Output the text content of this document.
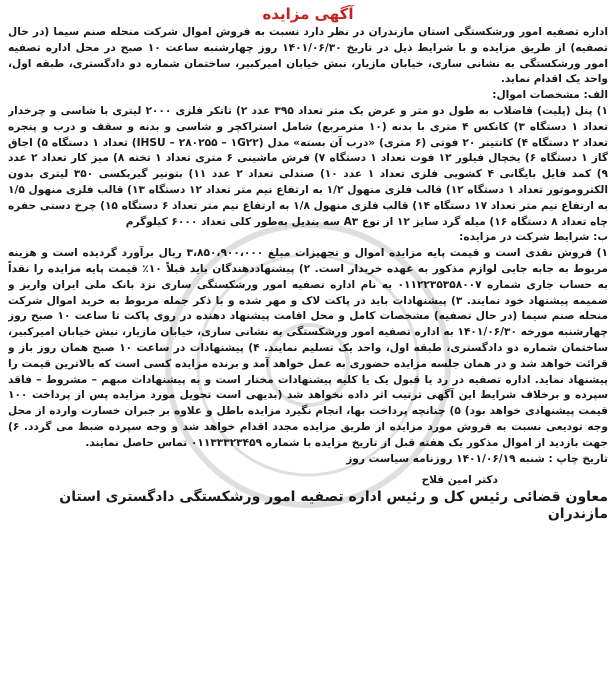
آگهی مزایده

اداره تصفیه امور ورشکستگی استان مازندران در نظر دارد نسبت به فروش اموال شرکت منحله صنم سیما (در حال تصفیه) از طریق مزایده و با شرایط ذیل در تاریخ ۱۴۰۱/۰۶/۳۰ روز چهارشنبه ساعت ۱۰ صبح در محل اداره تصفیه امور ورشکستگی به نشانی ساری، خیابان مازیار، نبش خیابان امیرکبیر، ساختمان شماره دو دادگستری، طبقه اول، واحد یک اقدام نماید.

الف: مشخصات اموال:

۱) پنل (پلیت) فاضلاب به طول دو متر و عرض یک متر تعداد ۳۹۵ عدد ۲) تانکر فلزی ۲۰۰۰ لیتری با شاسی و چرخدار تعداد ۱ دستگاه ۳) کانکس ۴ متری با بدنه (۱۰ مترمربع) شامل استراکچر و شاسی و بدنه و سقف و درب و پنجره تعداد ۲ دستگاه ۴) کانتینر ۲۰ فوتی (۶ متری) «درب آن بسته» مدل (IHSU – ۲۸۰۲۵۵ – ۱G۲۲) تعداد ۱ دستگاه ۵) اجاق گاز ۱ دستگاه ۶) یخچال فیلور ۱۲ فوت تعداد ۱ دستگاه ۷) فرش ماشینی ۶ متری تعداد ۱ تخته ۸) میز کار تعداد ۲ عدد ۹) کمد فایل بایگانی ۴ کشویی فلزی تعداد ۱ عدد ۱۰) صندلی تعداد ۲ عدد ۱۱) بتونیر گیربکسی ۳۵۰ لیتری بدون الکتروموتور تعداد ۱ دستگاه ۱۲) قالب فلزی منهول ۱/۲ به ارتفاع نیم متر تعداد ۱۲ دستگاه ۱۳) قالب فلزی منهول ۱/۵ به ارتفاع نیم متر تعداد ۱۷ دستگاه ۱۴) قالب فلزی منهول ۱/۸ به ارتفاع نیم متر تعداد ۶ دستگاه ۱۵) چرخ دستی حفره چاه تعداد ۸ دستگاه ۱۶) میله گرد سایز ۱۲ از نوع A۳ سه بندیل به‌طور کلی تعداد ۶۰۰۰ کیلوگرم

ب: شرایط شرکت در مزایده:

۱) فروش نقدی است و قیمت پایه مزایده اموال و تجهیزات مبلغ ۳،۸۵۰،۹۰۰،۰۰۰ ریال برآورد گردیده است و هزینه مربوط به جابه جایی لوازم مذکور به عهده خریدار است. ۲) پیشنهاددهندگان باید قبلاً ۱۰٪ قیمت پایه مزایده را نقداً به حساب جاری شماره ۰۱۱۲۲۳۵۳۵۸۰۰۷ به نام اداره تصفیه امور ورشکستگی ساری نزد بانک ملی ایران واریز و ضمیمه پیشنهاد خود نمایند. ۳) پیشنهادات باید در پاکت لاک و مهر شده و با ذکر جمله مربوط به خرید اموال شرکت منحله صنم سیما (در حال تصفیه) مشخصات کامل و محل اقامت پیشنهاد دهنده در روی پاکت تا ساعت ۱۰ صبح روز چهارشنبه مورخه ۱۴۰۱/۰۶/۳۰ به اداره تصفیه امور ورشکستگی به نشانی ساری، خیابان مازیار، نبش خیابان امیرکبیر، ساختمان شماره دو دادگستری، طبقه اول، واحد یک تسلیم نمایند. ۴) پیشنهادات در ساعت ۱۰ صبح همان روز باز و قرائت خواهد شد و در همان جلسه مزایده حضوری به عمل خواهد آمد و برنده مزایده کسی است که بالاترین قیمت را پیشنهاد نماید. اداره تصفیه در رد یا قبول یک یا کلیه پیشنهادات مختار است و به پیشنهادات مبهم – مشروط – فاقد سپرده و برخلاف شرایط این آگهی ترتیب اثر داده نخواهد شد (بدیهی است تحویل مورد مزایده پس از پرداخت ۱۰۰ قیمت پیشنهادی خواهد بود) ۵) چنانچه پرداخت بها، انجام نگیرد مزایده باطل و علاوه بر جبران خسارت وارده از محل وجه تودیعی نسبت به فروش مورد مزایده از طریق مزایده مجدد اقدام خواهد شد و وجه سپرده ضبط می گردد. ۶) جهت بازدید از اموال مذکور یک هفته قبل از تاریخ مزایده با شماره ۰۱۱۳۳۳۲۳۴۵۹ تماس حاصل نمایند.

تاریخ چاپ : شنبه ۱۴۰۱/۰۶/۱۹ روزنامه سیاست روز

دکتر امین فلاح
معاون قضائی رئیس کل و رئیس اداره تصفیه امور ورشکستگی دادگستری استان مازندران
